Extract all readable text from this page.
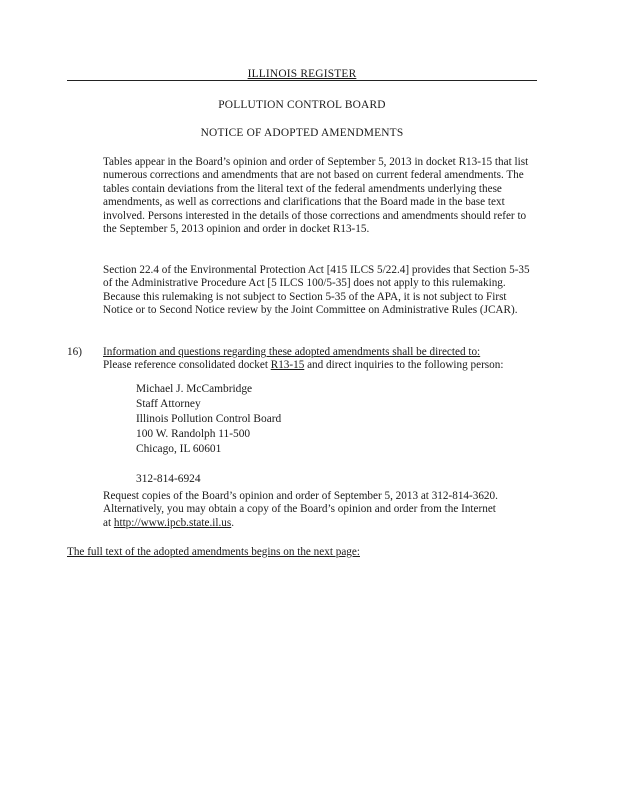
ILLINOIS REGISTER
POLLUTION CONTROL BOARD
NOTICE OF ADOPTED AMENDMENTS

Tables appear in the Board’s opinion and order of September 5, 2013 in docket R13-15 that list numerous corrections and amendments that are not based on current federal amendments. The tables contain deviations from the literal text of the federal amendments underlying these amendments, as well as corrections and clarifications that the Board made in the base text involved. Persons interested in the details of those corrections and amendments should refer to the September 5, 2013 opinion and order in docket R13-15.

Section 22.4 of the Environmental Protection Act [415 ILCS 5/22.4] provides that Section 5-35 of the Administrative Procedure Act [5 ILCS 100/5-35] does not apply to this rulemaking. Because this rulemaking is not subject to Section 5-35 of the APA, it is not subject to First Notice or to Second Notice review by the Joint Committee on Administrative Rules (JCAR).

16) Information and questions regarding these adopted amendments shall be directed to:
Please reference consolidated docket R13-15 and direct inquiries to the following person:
Michael J. McCambridge
Staff Attorney
Illinois Pollution Control Board
100 W. Randolph 11-500
Chicago, IL 60601
312-814-6924
Request copies of the Board’s opinion and order of September 5, 2013 at 312-814-3620.
Alternatively, you may obtain a copy of the Board’s opinion and order from the Internet
at http://www.ipcb.state.il.us.
The full text of the adopted amendments begins on the next page:
